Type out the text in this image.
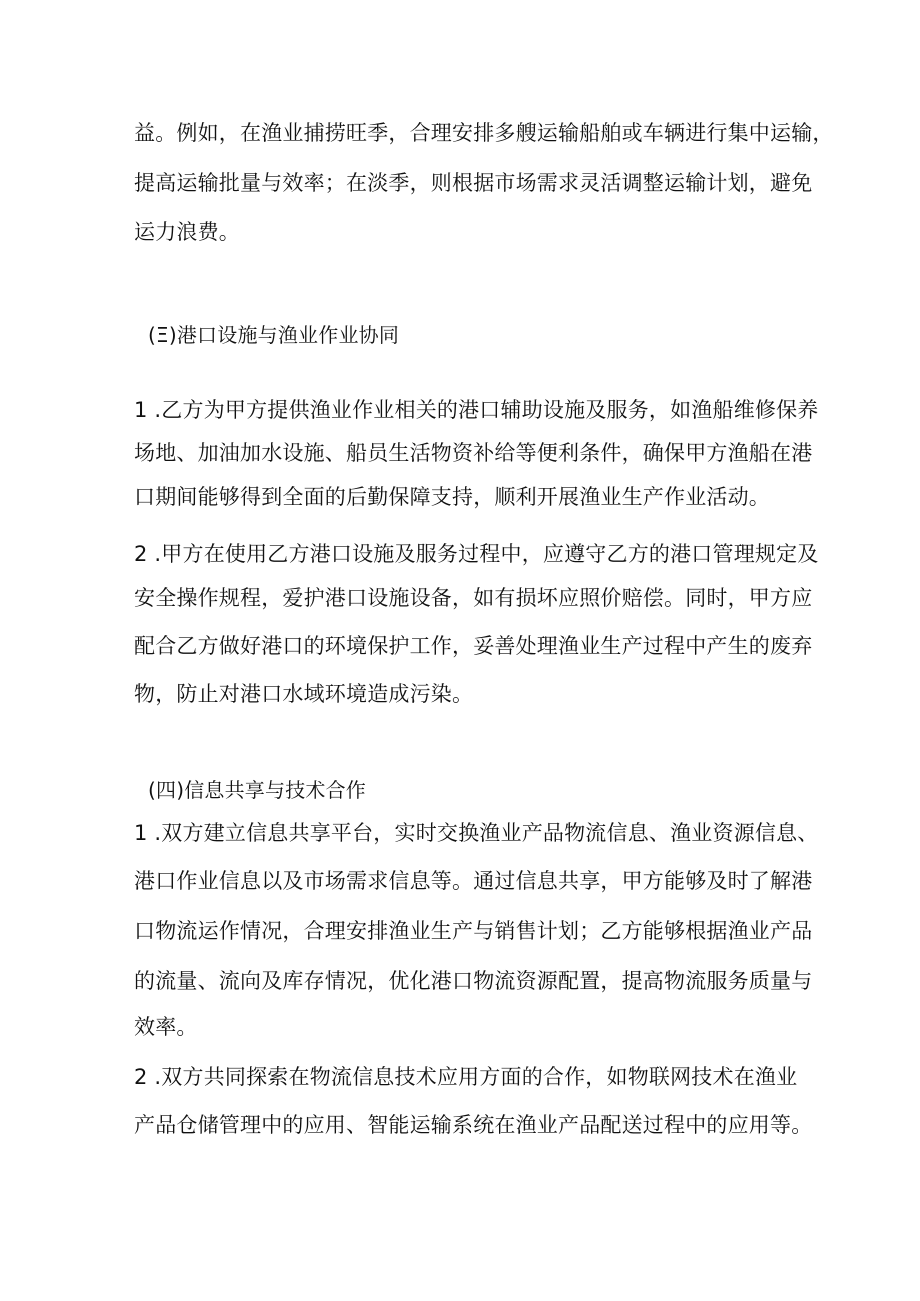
益。例如，在渔业捕捞旺季，合理安排多艘运输船舶或车辆进行集中运输，
提高运输批量与效率；在淡季，则根据市场需求灵活调整运输计划，避免
运力浪费。
(Ξ)港口设施与渔业作业协同
1 .乙方为甲方提供渔业作业相关的港口辅助设施及服务，如渔船维修保养
场地、加油加水设施、船员生活物资补给等便利条件，确保甲方渔船在港
口期间能够得到全面的后勤保障支持，顺利开展渔业生产作业活动。
2 .甲方在使用乙方港口设施及服务过程中，应遵守乙方的港口管理规定及
安全操作规程，爱护港口设施设备，如有损坏应照价赔偿。同时，甲方应
配合乙方做好港口的环境保护工作，妥善处理渔业生产过程中产生的废弃
物，防止对港口水域环境造成污染。
(四)信息共享与技术合作
1 .双方建立信息共享平台，实时交换渔业产品物流信息、渔业资源信息、
港口作业信息以及市场需求信息等。通过信息共享，甲方能够及时了解港
口物流运作情况，合理安排渔业生产与销售计划；乙方能够根据渔业产品
的流量、流向及库存情况，优化港口物流资源配置，提高物流服务质量与
效率。
2 .双方共同探索在物流信息技术应用方面的合作，如物联网技术在渔业
产品仓储管理中的应用、智能运输系统在渔业产品配送过程中的应用等。
